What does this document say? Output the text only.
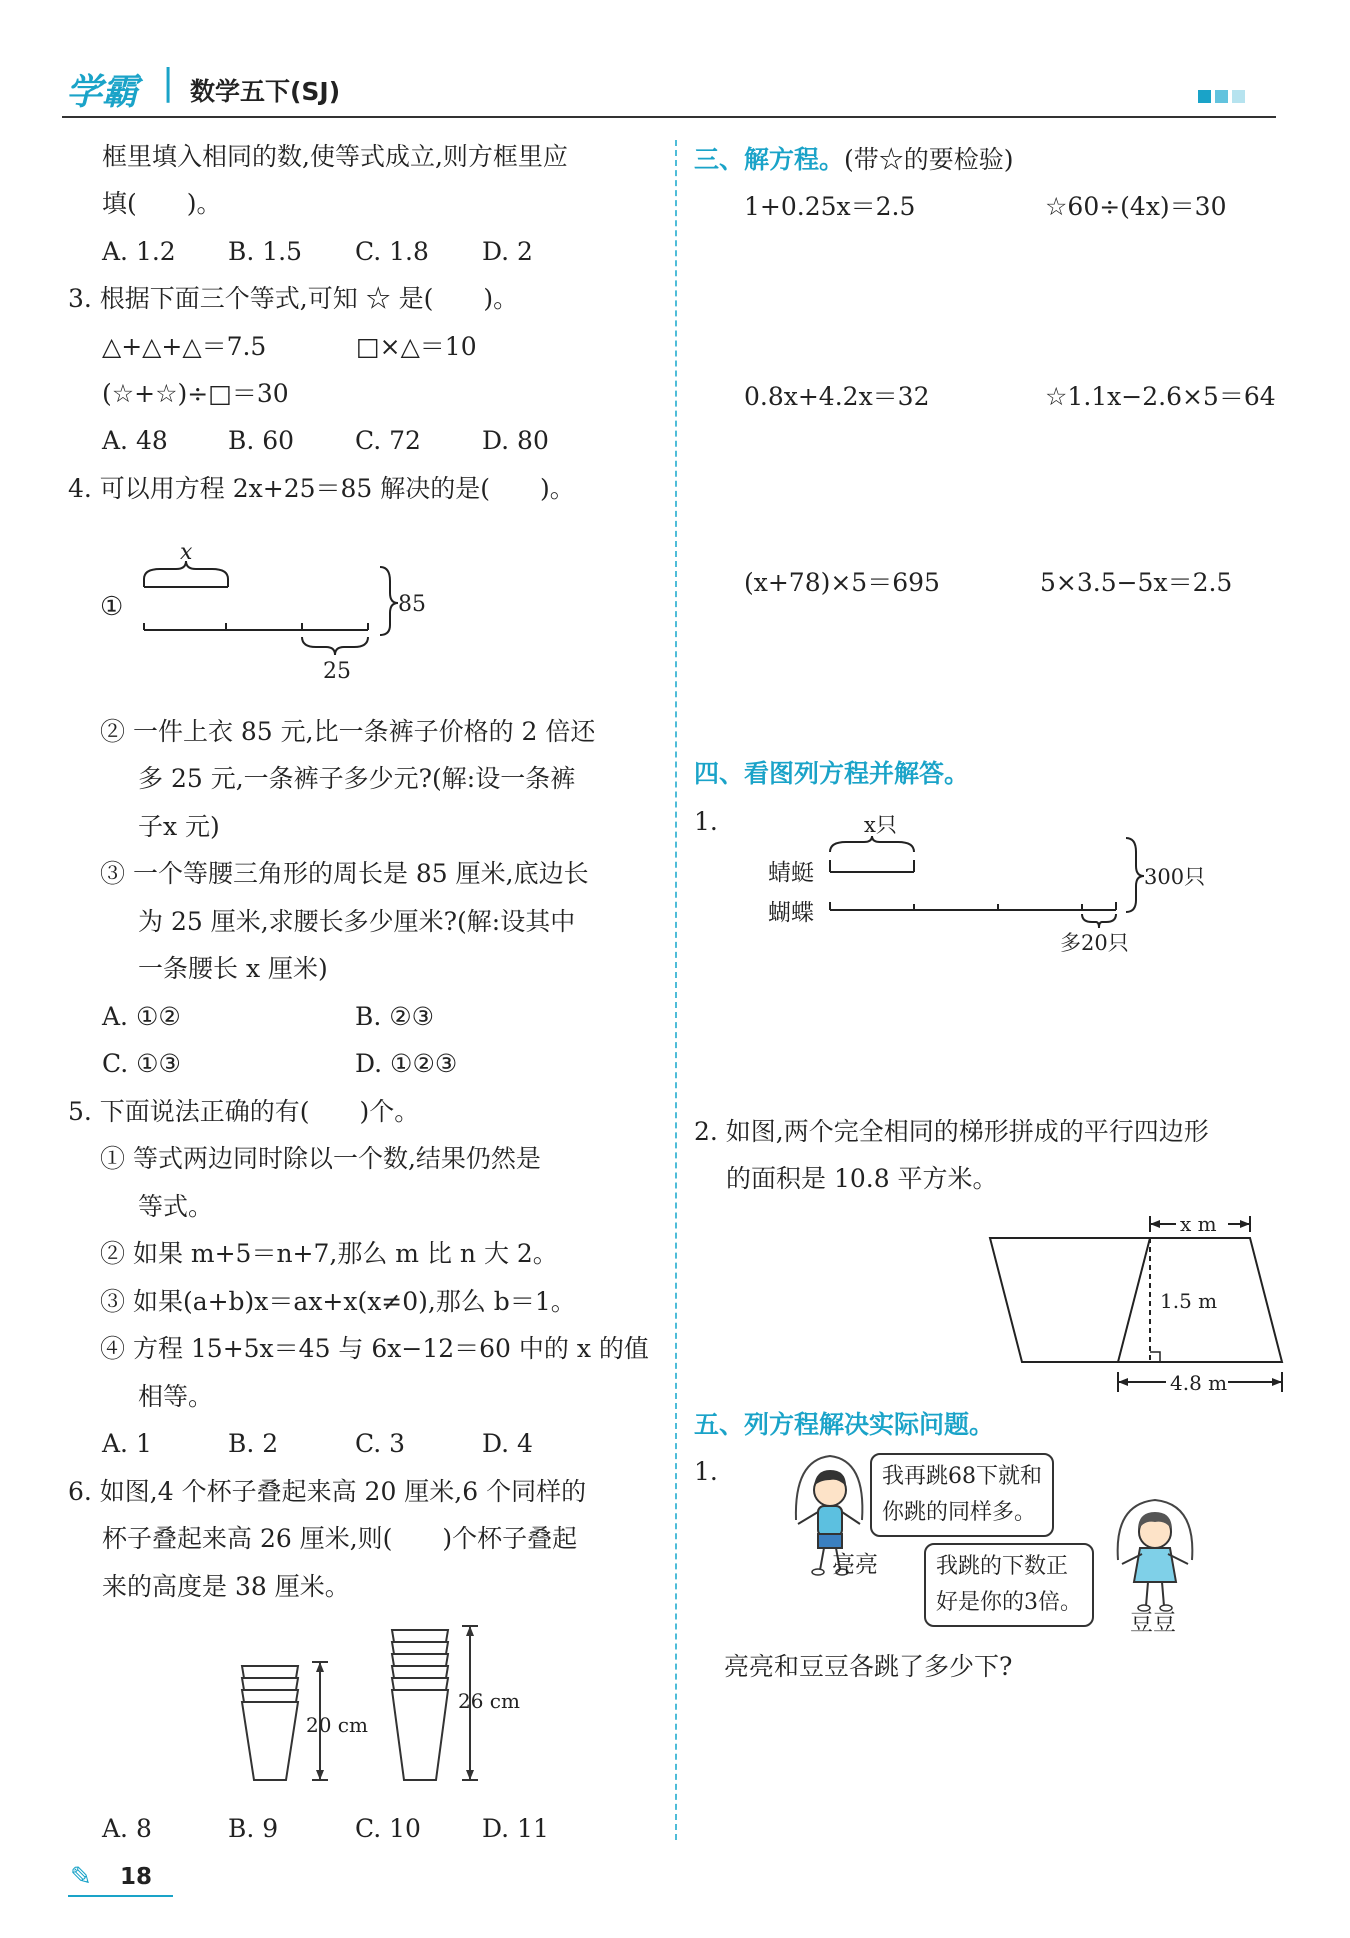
学霸 | 数学五下(SJ)
框里填入相同的数,使等式成立,则方框里应
填(　　)。
A. 1.2 B. 1.5 C. 1.8 D. 2
3. 根据下面三个等式,可知 ☆ 是(　　)。
△+△+△＝7.5	□×△＝10
(☆+☆)÷□＝30
A. 48 B. 60 C. 72 D. 80
4. 可以用方程 2x+25＝85 解决的是(　　)。
x
①
25
85
② 一件上衣 85 元,比一条裤子价格的 2 倍还
多 25 元,一条裤子多少元?(解:设一条裤
子x 元)
③ 一个等腰三角形的周长是 85 厘米,底边长
为 25 厘米,求腰长多少厘米?(解:设其中
一条腰长 x 厘米)
A. ①②	B. ②③
C. ①③	D. ①②③
5. 下面说法正确的有(　　)个。
① 等式两边同时除以一个数,结果仍然是
等式。
② 如果 m+5＝n+7,那么 m 比 n 大 2。
③ 如果(a+b)x＝ax+x(x≠0),那么 b＝1。
④ 方程 15+5x＝45 与 6x−12＝60 中的 x 的值
相等。
A. 1	B. 2	C. 3	D. 4
6. 如图,4 个杯子叠起来高 20 厘米,6 个同样的
杯子叠起来高 26 厘米,则(　　)个杯子叠起
来的高度是 38 厘米。
20 cm
26 cm
A. 8	B. 9	C. 10 D. 11
三、解方程。(带☆的要检验)
1+0.25x＝2.5	☆60÷(4x)＝30
0.8x+4.2x＝32	☆1.1x−2.6×5＝64
(x+78)×5＝695	5×3.5−5x＝2.5
四、看图列方程并解答。
1.	x只
蜻蜓
蝴蝶
多20只
300只
2. 如图,两个完全相同的梯形拼成的平行四边形
的面积是 10.8 平方米。
x m
1.5 m
4.8 m
五、列方程解决实际问题。
1.
亮亮
我再跳68下就和
你跳的同样多。
我跳的下数正
好是你的3倍。
豆豆
亮亮和豆豆各跳了多少下?
✎ 18
